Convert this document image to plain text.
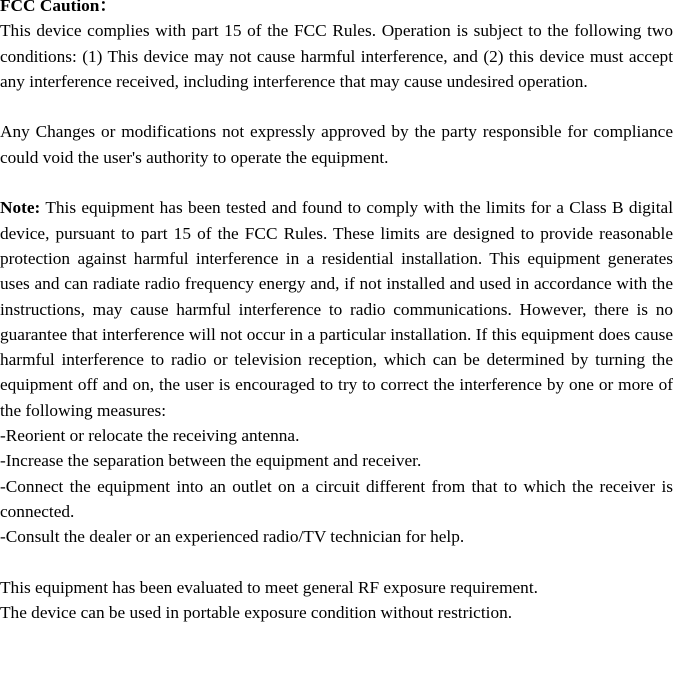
FCC Caution：

This device complies with part 15 of the FCC Rules. Operation is subject to the following two conditions: (1) This device may not cause harmful interference, and (2) this device must accept any interference received, including interference that may cause undesired operation.

Any Changes or modifications not expressly approved by the party responsible for compliance could void the user's authority to operate the equipment.

Note: This equipment has been tested and found to comply with the limits for a Class B digital device, pursuant to part 15 of the FCC Rules. These limits are designed to provide reasonable protection against harmful interference in a residential installation. This equipment generates uses and can radiate radio frequency energy and, if not installed and used in accordance with the instructions, may cause harmful interference to radio communications. However, there is no guarantee that interference will not occur in a particular installation. If this equipment does cause harmful interference to radio or television reception, which can be determined by turning the equipment off and on, the user is encouraged to try to correct the interference by one or more of the following measures:

-Reorient or relocate the receiving antenna.

-Increase the separation between the equipment and receiver.

-Connect the equipment into an outlet on a circuit different from that to which the receiver is connected.

-Consult the dealer or an experienced radio/TV technician for help.

This equipment has been evaluated to meet general RF exposure requirement.

The device can be used in portable exposure condition without restriction.
